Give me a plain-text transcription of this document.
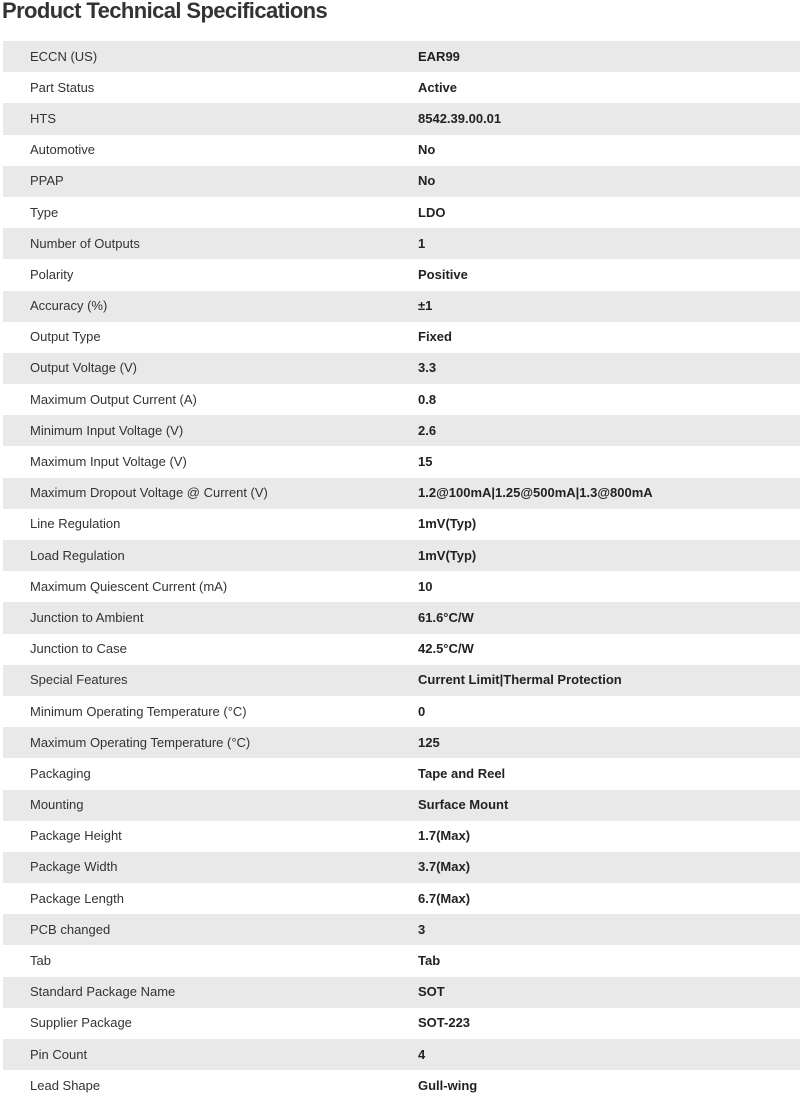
Product Technical Specifications
ECCN (US)	EAR99
Part Status	Active
HTS	8542.39.00.01
Automotive	No
PPAP	No
Type	LDO
Number of Outputs	1
Polarity	Positive
Accuracy (%)	±1
Output Type	Fixed
Output Voltage (V)	3.3
Maximum Output Current (A)	0.8
Minimum Input Voltage (V)	2.6
Maximum Input Voltage (V)	15
Maximum Dropout Voltage @ Current (V)	1.2@100mA|1.25@500mA|1.3@800mA
Line Regulation	1mV(Typ)
Load Regulation	1mV(Typ)
Maximum Quiescent Current (mA)	10
Junction to Ambient	61.6°C/W
Junction to Case	42.5°C/W
Special Features	Current Limit|Thermal Protection
Minimum Operating Temperature (°C)	0
Maximum Operating Temperature (°C)	125
Packaging	Tape and Reel
Mounting	Surface Mount
Package Height	1.7(Max)
Package Width	3.7(Max)
Package Length	6.7(Max)
PCB changed	3
Tab	Tab
Standard Package Name	SOT
Supplier Package	SOT-223
Pin Count	4
Lead Shape	Gull-wing
